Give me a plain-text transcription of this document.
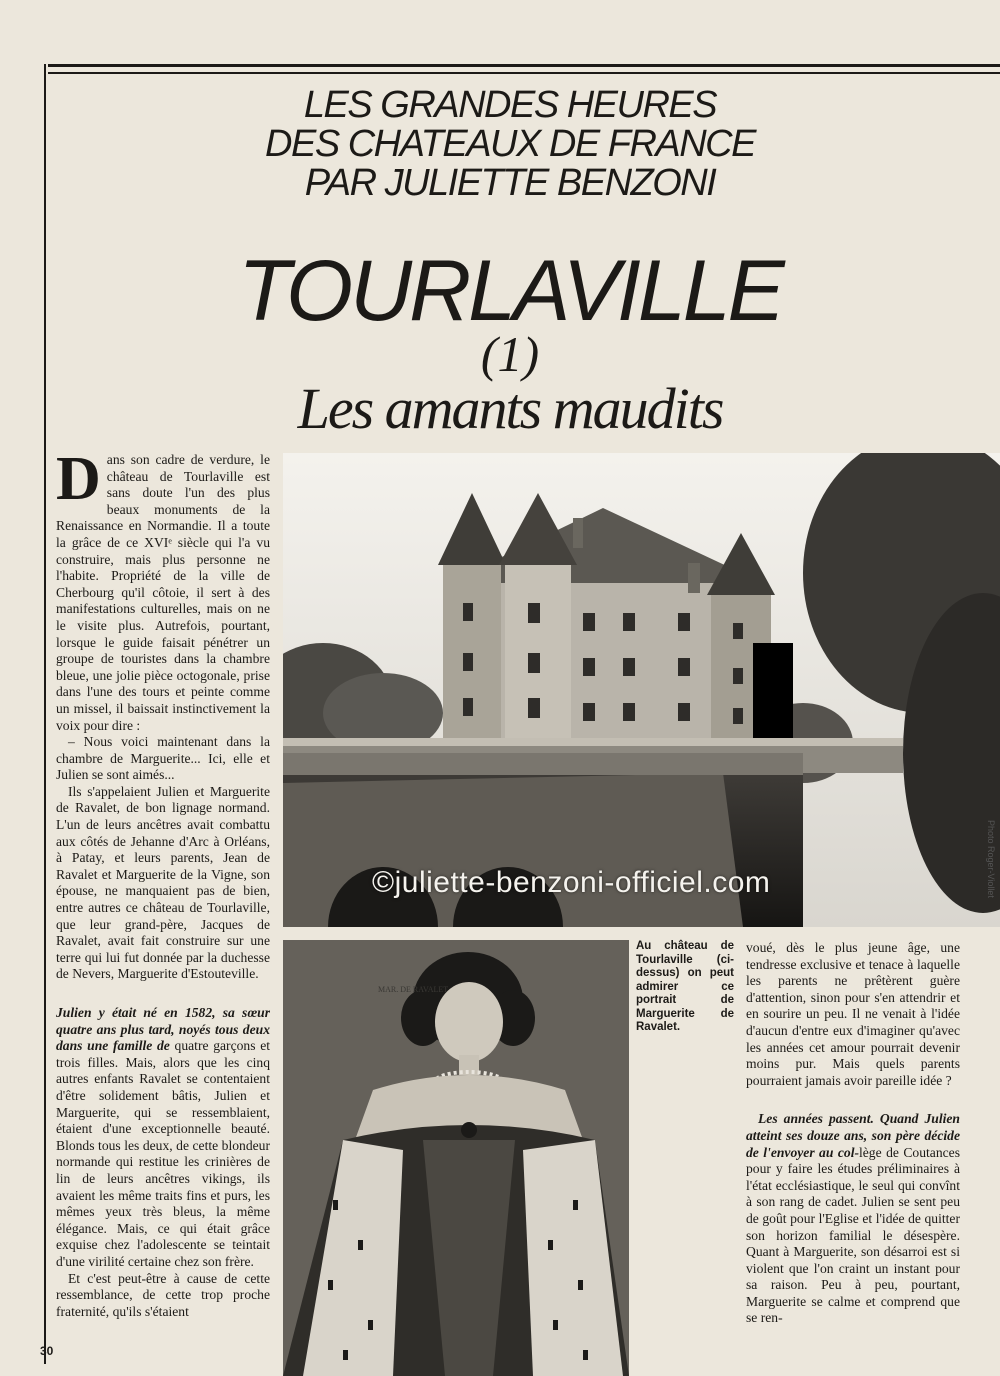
LES GRANDES HEURES
DES CHATEAUX DE FRANCE
PAR JULIETTE BENZONI
TOURLAVILLE
(1)
Les amants maudits

Dans son cadre de verdure, le château de Tourlaville est sans doute l'un des plus beaux monuments de la Renaissance en Normandie. Il a toute la grâce de ce XVIᵉ siècle qui l'a vu construire, mais plus personne ne l'habite. Propriété de la ville de Cherbourg qu'il côtoie, il sert à des manifestations culturelles, mais on ne le visite plus. Autrefois, pourtant, lorsque le guide faisait pénétrer un groupe de touristes dans la chambre bleue, une jolie pièce octogonale, prise dans l'une des tours et peinte comme un missel, il baissait instinctivement la voix pour dire :

– Nous voici maintenant dans la chambre de Marguerite... Ici, elle et Julien se sont aimés...

Ils s'appelaient Julien et Marguerite de Ravalet, de bon lignage normand. L'un de leurs ancêtres avait combattu aux côtés de Jehanne d'Arc à Orléans, à Patay, et leurs parents, Jean de Ravalet et Marguerite de la Vigne, son épouse, ne manquaient pas de bien, entre autres ce château de Tourlaville, que leur grand-père, Jacques de Ravalet, avait fait construire sur une terre qui lui fut donnée par la duchesse de Nevers, Marguerite d'Estouteville.

Julien y était né en 1582, sa sœur quatre ans plus tard, noyés tous deux dans une famille de quatre garçons et trois filles. Mais, alors que les cinq autres enfants Ravalet se contentaient d'être solidement bâtis, Julien et Marguerite, qui se ressemblaient, étaient d'une exceptionnelle beauté. Blonds tous les deux, de cette blondeur normande qui restitue les crinières de lin de leurs ancêtres vikings, ils avaient les même traits fins et purs, les mêmes yeux très bleus, la même élégance. Mais, ce qui était grâce exquise chez l'adolescente se teintait d'une virilité certaine chez son frère.

Et c'est peut-être à cause de cette ressemblance, de cette trop proche fraternité, qu'ils s'étaient

©juliette-benzoni-officiel.com	Photo Roger-Viollet
MAR. DE RAVALET
Au château de Tourlaville (ci-dessus) on peut admirer ce portrait de Marguerite de Ravalet.

voué, dès le plus jeune âge, une tendresse exclusive et tenace à laquelle les parents ne prêtèrent guère d'attention, sinon pour s'en attendrir et en sourire un peu. Il ne venait à l'idée d'aucun d'entre eux d'imaginer qu'avec les années cet amour pourrait devenir moins pur. Mais quels parents pourraient jamais avoir pareille idée ?

Les années passent. Quand Julien atteint ses douze ans, son père décide de l'envoyer au col-lège de Coutances pour y faire les études préliminaires à l'état ecclésiastique, le seul qui convînt à son rang de cadet. Julien se sent peu de goût pour l'Eglise et l'idée de quitter son horizon familial le désespère. Quant à Marguerite, son désarroi est si violent que l'on craint un instant pour sa raison. Peu à peu, pourtant, Marguerite se calme et comprend que se ren-

30
